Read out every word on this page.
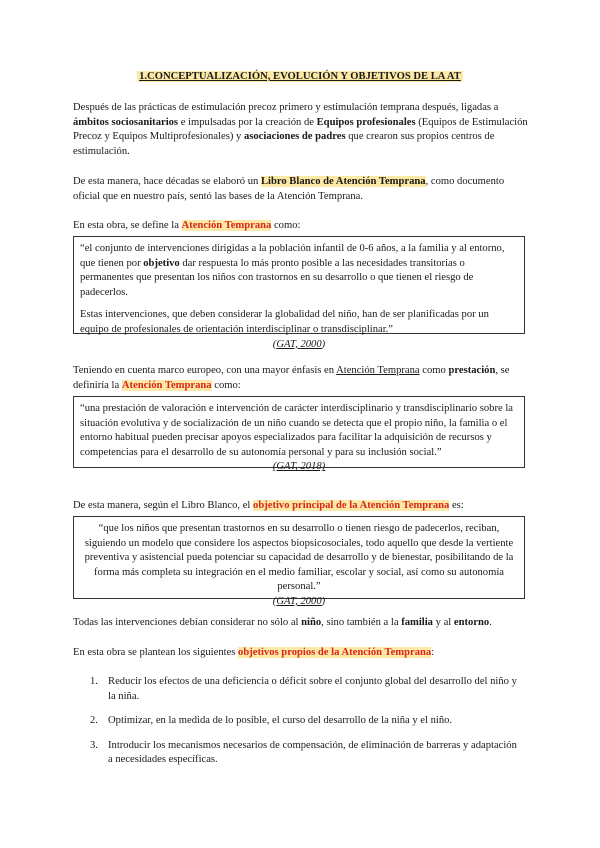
1.CONCEPTUALIZACIÓN, EVOLUCIÓN Y OBJETIVOS DE LA AT
Después de las prácticas de estimulación precoz primero y estimulación temprana después, ligadas a ámbitos sociosanitarios e impulsadas por la creación de Equipos profesionales (Equipos de Estimulación Precoz y Equipos Multiprofesionales) y asociaciones de padres que crearon sus propios centros de estimulación.
De esta manera, hace décadas se elaboró un Libro Blanco de Atención Temprana, como documento oficial que en nuestro país, sentó las bases de la Atención Temprana.
En esta obra, se define la Atención Temprana como:

“el conjunto de intervenciones dirigidas a la población infantil de 0-6 años, a la familia y al entorno, que tienen por objetivo dar respuesta lo más pronto posible a las necesidades transitorias o permanentes que presentan los niños con trastornos en su desarrollo o que tienen el riesgo de padecerlos.

Estas intervenciones, que deben considerar la globalidad del niño, han de ser planificadas por un equipo de profesionales de orientación interdisciplinar o transdisciplinar.”

(GAT, 2000)

Teniendo en cuenta marco europeo, con una mayor énfasis en Atención Temprana como prestación, se definiría la Atención Temprana como:

“una prestación de valoración e intervención de carácter interdisciplinario y transdisciplinario sobre la situación evolutiva y de socialización de un niño cuando se detecta que el propio niño, la familia o el entorno habitual pueden precisar apoyos especializados para facilitar la adquisición de recursos y competencias para el desarrollo de su autonomía personal y para su inclusión social.”

(GAT, 2018)

De esta manera, según el Libro Blanco, el objetivo principal de la Atención Temprana es:

“que los niños que presentan trastornos en su desarrollo o tienen riesgo de padecerlos, reciban, siguiendo un modelo que considere los aspectos biopsicosociales, todo aquello que desde la vertiente preventiva y asistencial pueda potenciar su capacidad de desarrollo y de bienestar, posibilitando de la forma más completa su integración en el medio familiar, escolar y social, así como su autonomía personal.”

(GAT, 2000)

Todas las intervenciones debían considerar no sólo al niño, sino también a la familia y al entorno.
En esta obra se plantean los siguientes objetivos propios de la Atención Temprana:
1. Reducir los efectos de una deficiencia o déficit sobre el conjunto global del desarrollo del niño y la niña.
2. Optimizar, en la medida de lo posible, el curso del desarrollo de la niña y el niño.
3. Introducir los mecanismos necesarios de compensación, de eliminación de barreras y adaptación a necesidades específicas.
